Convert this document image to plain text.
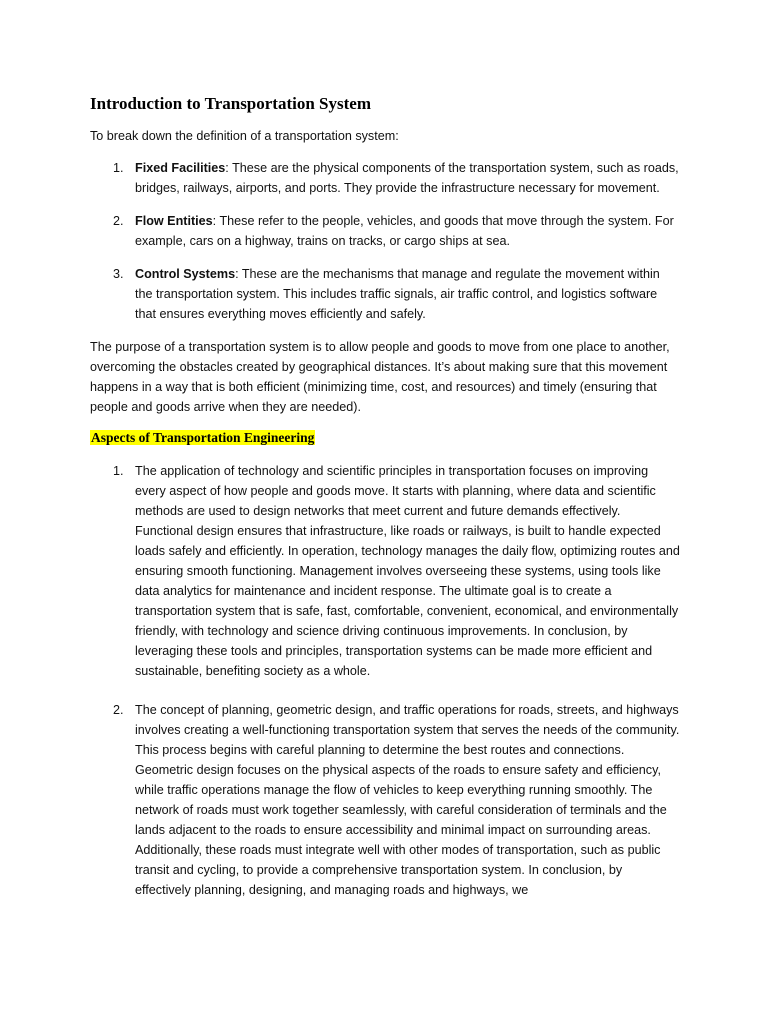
Introduction to Transportation System

To break down the definition of a transportation system:

1. Fixed Facilities: These are the physical components of the transportation system, such as roads, bridges, railways, airports, and ports. They provide the infrastructure necessary for movement.
2. Flow Entities: These refer to the people, vehicles, and goods that move through the system. For example, cars on a highway, trains on tracks, or cargo ships at sea.
3. Control Systems: These are the mechanisms that manage and regulate the movement within the transportation system. This includes traffic signals, air traffic control, and logistics software that ensures everything moves efficiently and safely.

The purpose of a transportation system is to allow people and goods to move from one place to another, overcoming the obstacles created by geographical distances. It’s about making sure that this movement happens in a way that is both efficient (minimizing time, cost, and resources) and timely (ensuring that people and goods arrive when they are needed).

Aspects of Transportation Engineering
1. The application of technology and scientific principles in transportation focuses on improving every aspect of how people and goods move. It starts with planning, where data and scientific methods are used to design networks that meet current and future demands effectively. Functional design ensures that infrastructure, like roads or railways, is built to handle expected loads safely and efficiently. In operation, technology manages the daily flow, optimizing routes and ensuring smooth functioning. Management involves overseeing these systems, using tools like data analytics for maintenance and incident response. The ultimate goal is to create a transportation system that is safe, fast, comfortable, convenient, economical, and environmentally friendly, with technology and science driving continuous improvements. In conclusion, by leveraging these tools and principles, transportation systems can be made more efficient and sustainable, benefiting society as a whole.
2. The concept of planning, geometric design, and traffic operations for roads, streets, and highways involves creating a well-functioning transportation system that serves the needs of the community. This process begins with careful planning to determine the best routes and connections. Geometric design focuses on the physical aspects of the roads to ensure safety and efficiency, while traffic operations manage the flow of vehicles to keep everything running smoothly. The network of roads must work together seamlessly, with careful consideration of terminals and the lands adjacent to the roads to ensure accessibility and minimal impact on surrounding areas. Additionally, these roads must integrate well with other modes of transportation, such as public transit and cycling, to provide a comprehensive transportation system. In conclusion, by effectively planning, designing, and managing roads and highways, we
